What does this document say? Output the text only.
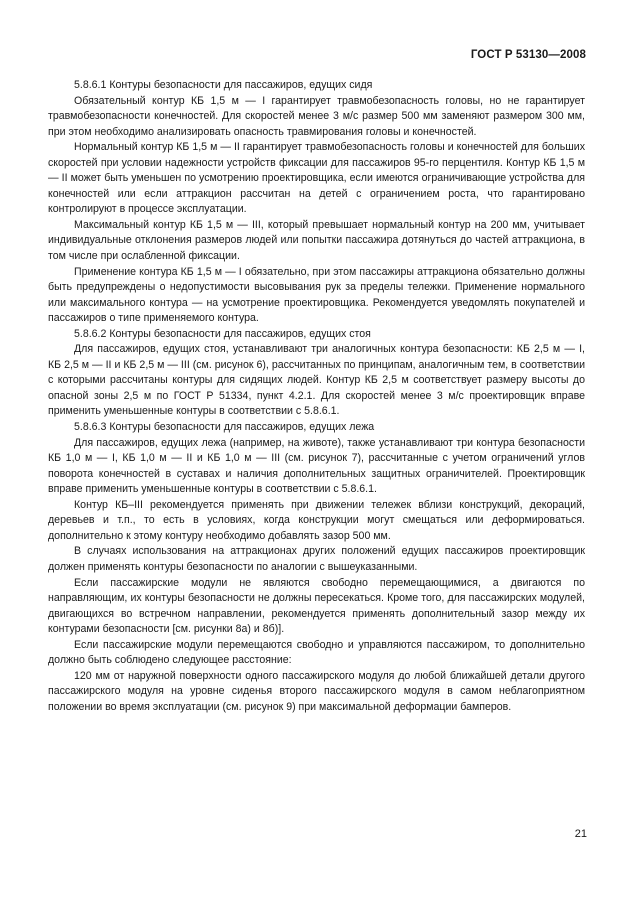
ГОСТ Р 53130—2008

5.8.6.1 Контуры безопасности для пассажиров, едущих сидя

Обязательный контур КБ 1,5 м — I гарантирует травмобезопасность головы, но не гарантирует травмобезопасности конечностей. Для скоростей менее 3 м/с размер 500 мм заменяют размером 300 мм, при этом необходимо анализировать опасность травмирования головы и конечностей.

Нормальный контур КБ 1,5 м — II гарантирует травмобезопасность головы и конечностей для больших скоростей при условии надежности устройств фиксации для пассажиров 95-го перцентиля. Контур КБ 1,5 м — II может быть уменьшен по усмотрению проектировщика, если имеются ограничивающие устройства для конечностей или если аттракцион рассчитан на детей с ограничением роста, что гарантировано контролируют в процессе эксплуатации.

Максимальный контур КБ 1,5 м — III, который превышает нормальный контур на 200 мм, учитывает индивидуальные отклонения размеров людей или попытки пассажира дотянуться до частей аттракциона, в том числе при ослабленной фиксации.

Применение контура КБ 1,5 м — I обязательно, при этом пассажиры аттракциона обязательно должны быть предупреждены о недопустимости высовывания рук за пределы тележки. Применение нормального или максимального контура — на усмотрение проектировщика. Рекомендуется уведомлять покупателей и пассажиров о типе применяемого контура.

5.8.6.2 Контуры безопасности для пассажиров, едущих стоя

Для пассажиров, едущих стоя, устанавливают три аналогичных контура безопасности: КБ 2,5 м — I, КБ 2,5 м — II и КБ 2,5 м — III (см. рисунок 6), рассчитанных по принципам, аналогичным тем, в соответствии с которыми рассчитаны контуры для сидящих людей. Контур КБ 2,5 м соответствует размеру высоты до опасной зоны 2,5 м по ГОСТ Р 51334, пункт 4.2.1. Для скоростей менее 3 м/с проектировщик вправе применить уменьшенные контуры в соответствии с 5.8.6.1.

5.8.6.3 Контуры безопасности для пассажиров, едущих лежа

Для пассажиров, едущих лежа (например, на животе), также устанавливают три контура безопасности КБ 1,0 м — I, КБ 1,0 м — II и КБ 1,0 м — III (см. рисунок 7), рассчитанные с учетом ограничений углов поворота конечностей в суставах и наличия дополнительных защитных ограничителей. Проектировщик вправе применить уменьшенные контуры в соответствии с 5.8.6.1.

Контур КБ–III рекомендуется применять при движении тележек вблизи конструкций, декораций, деревьев и т.п., то есть в условиях, когда конструкции могут смещаться или деформироваться. дополнительно к этому контуру необходимо добавлять зазор 500 мм.

В случаях использования на аттракционах других положений едущих пассажиров проектировщик должен применять контуры безопасности по аналогии с вышеуказанными.

Если пассажирские модули не являются свободно перемещающимися, а двигаются по направляющим, их контуры безопасности не должны пересекаться. Кроме того, для пассажирских модулей, двигающихся во встречном направлении, рекомендуется применять дополнительный зазор между их контурами безопасности [см. рисунки 8а) и 8б)].

Если пассажирские модули перемещаются свободно и управляются пассажиром, то дополнительно должно быть соблюдено следующее расстояние:

120 мм от наружной поверхности одного пассажирского модуля до любой ближайшей детали другого пассажирского модуля на уровне сиденья второго пассажирского модуля в самом неблагоприятном положении во время эксплуатации (см. рисунок 9) при максимальной деформации бамперов.

21
